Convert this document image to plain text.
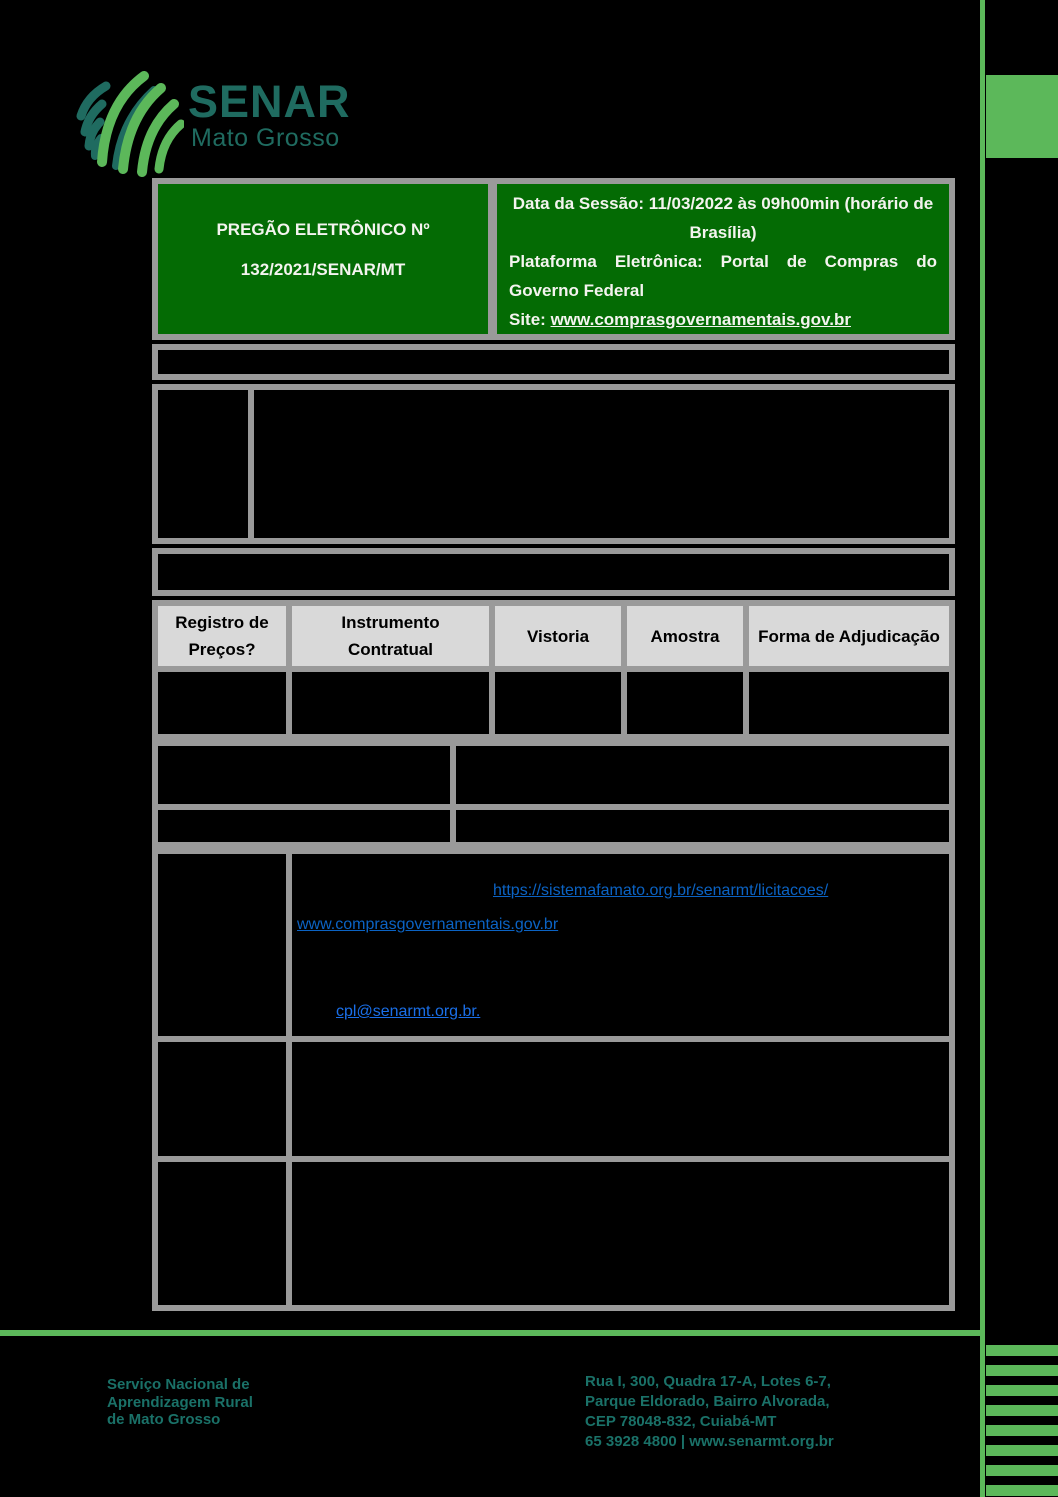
SENAR
Mato Grosso
PREGÃO ELETRÔNICO Nº
132/2021/SENAR/MT

Data da Sessão: 11/03/2022 às 09h00min (horário de Brasília)

Plataforma Eletrônica: Portal de Compras do Governo Federal

Site: www.comprasgovernamentais.gov.br

Registro de Preços?
Instrumento Contratual
Vistoria	Amostra	Forma de Adjudicação
https://sistemafamato.org.br/senarmt/licitacoes/
www.comprasgovernamentais.gov.br
cpl@senarmt.org.br.
Serviço Nacional de
Aprendizagem Rural
de Mato Grosso
Rua I, 300, Quadra 17-A, Lotes 6-7,
Parque Eldorado, Bairro Alvorada,
CEP 78048-832, Cuiabá-MT
65 3928 4800 | www.senarmt.org.br
